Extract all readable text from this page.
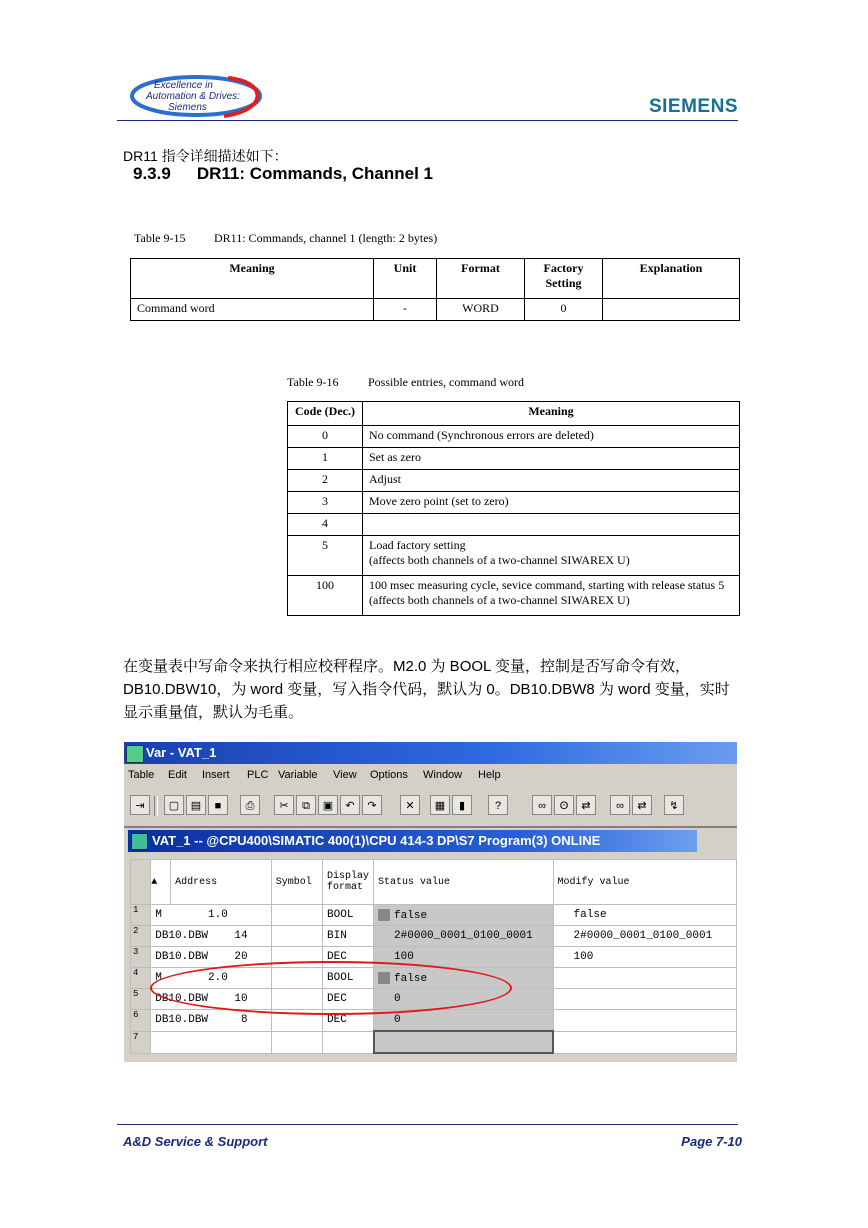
Excellence in
Automation & Drives:
Siemens	SIEMENS
DR11 指令详细描述如下：
9.3.9 DR11: Commands, Channel 1
Table 9-15 DR11: Commands, channel 1 (length: 2 bytes)
Meaning	Unit	Format	Factory Setting	Explanation
Command word	-	WORD	0	
Table 9-16 Possible entries, command word
Code (Dec.)	Meaning
0	No command (Synchronous errors are deleted)
1	Set as zero
2	Adjust
3	Move zero point (set to zero)
4	
5	Load factory setting
(affects both channels of a two-channel SIWAREX U)
100	100 msec measuring cycle, sevice command, starting with release status 5 (affects both channels of a two-channel SIWAREX U)
在变量表中写命令来执行相应校秤程序。M2.0 为 BOOL 变量，控制是否写命令有效，DB10.DBW10，为 word 变量，写入指令代码，默认为 0。DB10.DBW8 为 word 变量，实时显示重量值，默认为毛重。
Var - VAT_1
Table Edit Insert PLC Variable View Options Window Help
⇥	▢	▤	■	⎙	✂	⧉	▣	↶	↷	✕	▦	▮	?	∞	ʘ	⇄	∞	⇄	↯
VAT_1 -- @CPU400\SIMATIC 400(1)\CPU 414-3 DP\S7 Program(3) ONLINE
	▲	Address	Symbol	Display format	Status value	Modify value
1	M       1.0			BOOL	false	false
2	DB10.DBW    14			BIN	2#0000_0001_0100_0001	2#0000_0001_0100_0001
3	DB10.DBW    20			DEC	100	100
4	M       2.0			BOOL	false	
5	DB10.DBW    10			DEC	0	
6	DB10.DBW     8			DEC	0	
7						
A&D Service & Support	Page 7-10
